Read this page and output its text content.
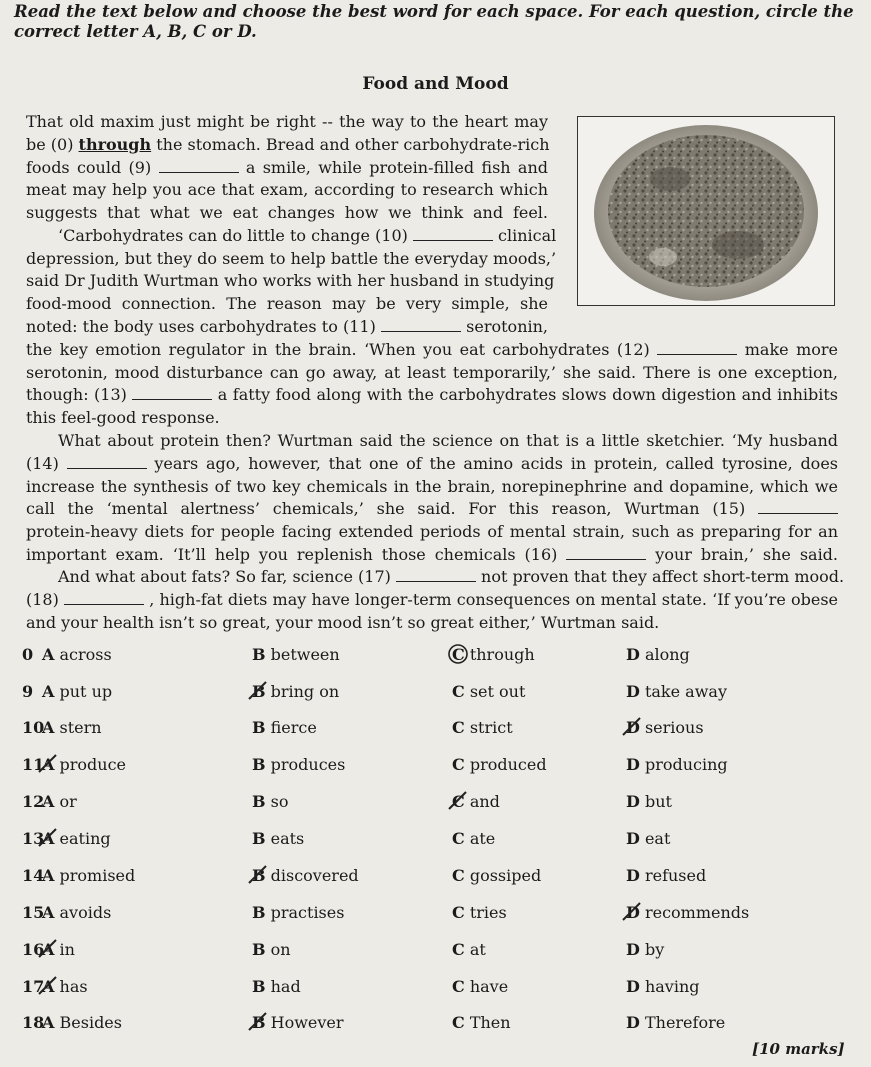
Read the text below and choose the best word for each space. For each question, circle the correct letter A, B, C or D.
Food and Mood
That old maxim just might be right -- the way to the heart may
be (0) through the stomach. Bread and other carbohydrate-rich
foods could (9)	a smile, while protein-filled fish and
meat may help you ace that exam, according to research which
suggests that what we eat changes how we think and feel.
‘Carbohydrates can do little to change (10)	clinical
depression, but they do seem to help battle the everyday moods,’
said Dr Judith Wurtman who works with her husband in studying
food-mood connection. The reason may be very simple, she
noted: the body uses carbohydrates to (11)	serotonin,
the key emotion regulator in the brain. ‘When you eat carbohydrates (12)	make more
serotonin, mood disturbance can go away, at least temporarily,’ she said. There is one exception,
though: (13)	a fatty food along with the carbohydrates slows down digestion and inhibits
this feel-good response.
What about protein then? Wurtman said the science on that is a little sketchier. ‘My husband
(14)	years ago, however, that one of the amino acids in protein, called tyrosine, does
increase the synthesis of two key chemicals in the brain, norepinephrine and dopamine, which we
call the ‘mental alertness’ chemicals,’ she said. For this reason, Wurtman (15)
protein-heavy diets for people facing extended periods of mental strain, such as preparing for an
important exam. ‘It’ll help you replenish those chemicals (16)	your brain,’ she said.
And what about fats? So far, science (17)	not proven that they affect short-term mood.
(18)	, high-fat diets may have longer-term consequences on mental state. ‘If you’re obese
and your health isn’t so great, your mood isn’t so great either,’ Wurtman said.
0 A across	B between	C through	D along
9 A put up	B bring on	C set out	D take away
10
A stern	B fierce	C strict	D serious
11
A produce	B produces	C produced	D producing
12
A or	B so	C and	D but
13
A eating	B eats	C ate	D eat
14
A promised	B discovered	C gossiped	D refused
15
A avoids	B practises	C tries	D recommends
16
A in	B on	C at	D by
17
A has	B had	C have	D having
18
A Besides	B However	C Then	D Therefore
[10 marks]
